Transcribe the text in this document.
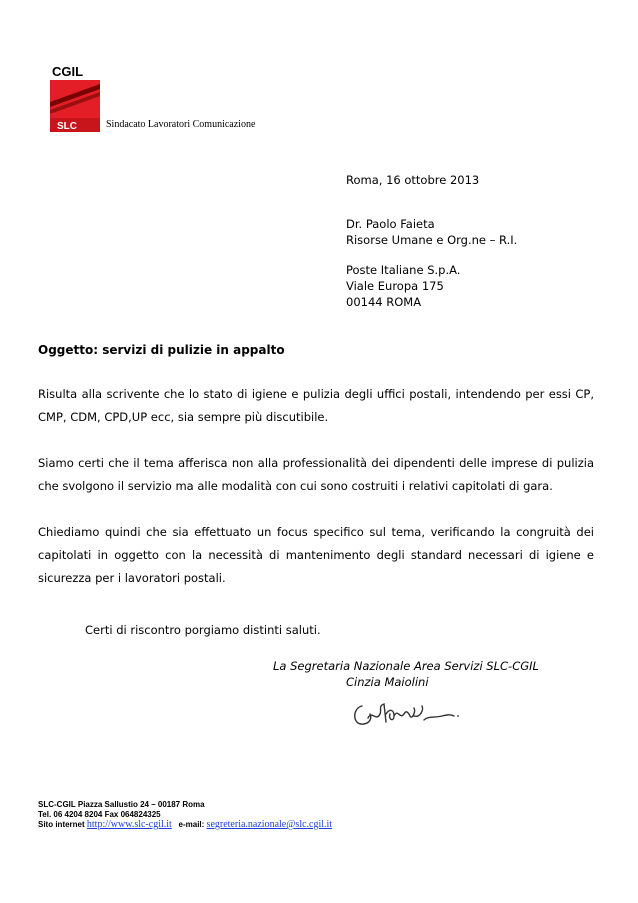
CGIL
SLC	Sindacato Lavoratori Comunicazione
Roma, 16 ottobre 2013
Dr. Paolo Faieta
Risorse Umane e Org.ne – R.I.
Poste Italiane S.p.A.
Viale Europa 175
00144 ROMA
Oggetto: servizi di pulizie in appalto
Risulta alla scrivente che lo stato di igiene e pulizia degli uffici postali, intendendo per essi CP, CMP, CDM, CPD,UP ecc, sia sempre più discutibile.
Siamo certi che il tema afferisca non alla professionalità dei dipendenti delle imprese di pulizia che svolgono il servizio ma alle modalità con cui sono costruiti i relativi capitolati di gara.
Chiediamo quindi che sia effettuato un focus specifico sul tema, verificando la congruità dei capitolati in oggetto con la necessità di mantenimento degli standard necessari di igiene e sicurezza per i lavoratori postali.
Certi di riscontro porgiamo distinti saluti.
La Segretaria Nazionale Area Servizi SLC-CGIL
Cinzia Maiolini
SLC-CGIL Piazza Sallustio 24 – 00187 Roma
Tel. 06 4204 8204 Fax 064824325
Sito internet http://www.slc-cgil.it e-mail: segreteria.nazionale@slc.cgil.it
